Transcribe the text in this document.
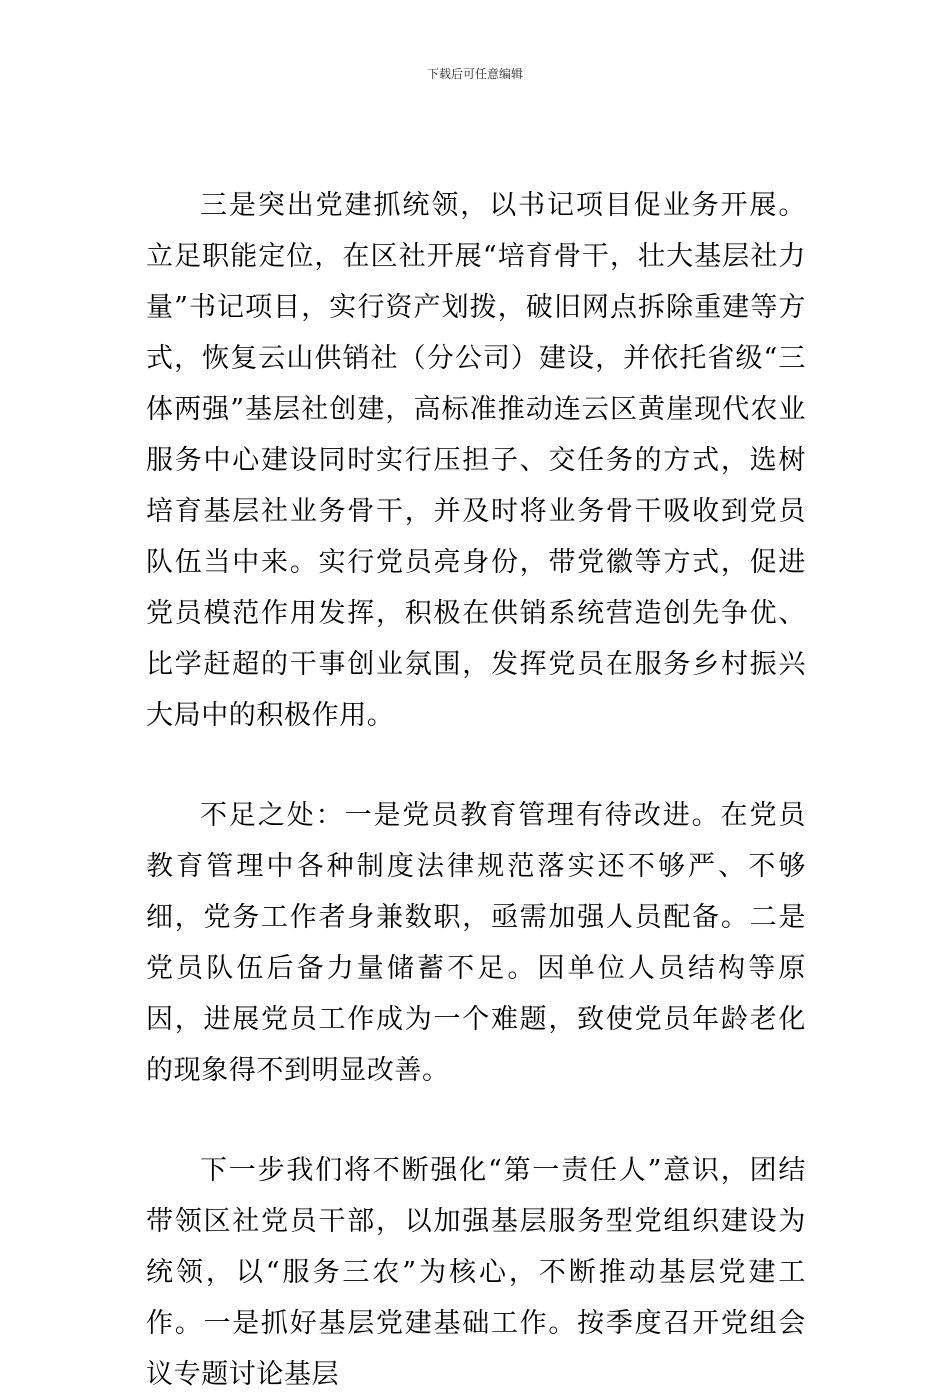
下载后可任意编辑

三是突出党建抓统领，以书记项目促业务开展。立足职能定位，在区社开展“培育骨干，壮大基层社力量”书记项目，实行资产划拨，破旧网点拆除重建等方式，恢复云山供销社（分公司）建设，并依托省级“三体两强”基层社创建，高标准推动连云区黄崖现代农业服务中心建设同时实行压担子、交任务的方式，选树培育基层社业务骨干，并及时将业务骨干吸收到党员队伍当中来。实行党员亮身份，带党徽等方式，促进党员模范作用发挥，积极在供销系统营造创先争优、比学赶超的干事创业氛围，发挥党员在服务乡村振兴大局中的积极作用。

不足之处：一是党员教育管理有待改进。在党员教育管理中各种制度法律规范落实还不够严、不够细，党务工作者身兼数职，亟需加强人员配备。二是党员队伍后备力量储蓄不足。因单位人员结构等原因，进展党员工作成为一个难题，致使党员年龄老化的现象得不到明显改善。

下一步我们将不断强化“第一责任人”意识，团结带领区社党员干部，以加强基层服务型党组织建设为统领，以“服务三农”为核心，不断推动基层党建工作。一是抓好基层党建基础工作。按季度召开党组会议专题讨论基层
